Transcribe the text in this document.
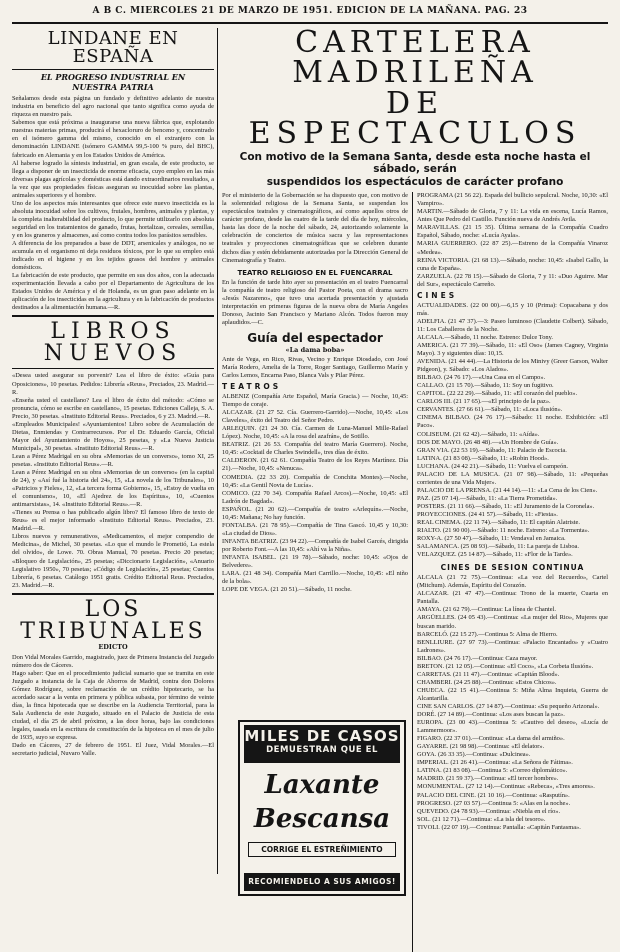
A B C. MIERCOLES 21 DE MARZO DE 1951. EDICION DE LA MAÑANA. PAG. 23
LINDANE EN ESPAÑA
EL PROGRESO INDUSTRIAL EN NUESTRA PATRIA

Señalamos desde esta página un fundado y definitivo adelanto de nuestra industria en beneficio del agro nacional que tanto significa como ayuda de riqueza en nuestro país.
Sabemos que está próxima a inaugurarse una nueva fábrica que, explotando nuestras materias primas, producirá el hexacloruro de benceno y, concentrado en el isómero gamma del mismo, conocido en el extranjero con la denominación LINDANE (isómero GAMMA 99,5-100 % puro, del BHC), fabricado en Alemania y en los Estados Unidos de América.
Al haberse logrado la síntesis industrial, en gran escala, de este producto, se llega a disponer de un insecticida de enorme eficacia, cuyo empleo en las más diversas plagas agrícolas y domésticas está dando extraordinarios resultados, a la vez que sus propiedades físicas aseguran su inocuidad sobre las plantas, animales superiores y el hombre.
Uno de los aspectos más interesantes que ofrece este nuevo insecticida es la absoluta inocuidad sobre los cultivos, frutales, hombres, animales y plantas, y la completa inalterabilidad del producto, lo que permite utilizarlo con absoluta seguridad en los tratamientos de ganado, frutas, hortalizas, cereales, semillas, y en los graneros y almacenes, así como contra todos los parásitos sensibles.
A diferencia de los preparados a base de DDT, arsenicales y análogos, no se acumula en el organismo ni deja residuos tóxicos, por lo que su empleo está indicado en el higiene y en los tejidos grasos del hombre y animales domésticos.
La fabricación de este producto, que permite en sus dos años, con la adecuada experimentación llevada a cabo por el Departamento de Agricultura de los Estados Unidos de América y el de Holanda, es un gran paso adelante en la aplicación de los insecticidas en la agricultura y en la fabricación de productos destinados a la alimentación humana.—R.

LIBROS NUEVOS

«Desea usted asegurar su porvenir? Lea el libro de éxito: «Guía para Oposiciones», 10 pesetas. Pedidos: Librería «Reus», Preciados, 23. Madrid.—R.
«Enseña usted el castellano? Lea el libro de éxito del método: «Cómo se pronuncia, cómo se escribe en castellano», 15 pesetas. Ediciones Calleja, S. A. Precio, 30 pesetas. «Instituto Editorial Reus». Preciados, 6 y 23. Madrid.—R.
«Empleados Municipales! «Ayuntamientos! Libro sobre de Acumulación de Dietas, Enmiendas y Contrarrecursos. Por el Dr. Eduardo García, Oficial Mayor del Ayuntamiento de Hoyos», 25 pesetas, y «La Nueva Justicia Municipal», 30 pesetas. «Instituto Editorial Reus».—R.
Lean a Pérez Madrigal en su obra «Memorias de un converso», tomo XI, 25 pesetas. «Instituto Editorial Reus».—R.
Lean a Pérez Madrigal en su obra «Memorias de un converso» (en la capital de 24), y «Así fué la historia del 24», 15, «La novela de los Tribunales», 10 «Patricios y Fieles», 12, «La tercera forma Gobierno», 15, «Estoy de vuelta en el comunismo», 10, «El Ajedrez de los Espíritus», 10, «Cuentos antimarxistas», 14. «Instituto Editorial Reus».—R.
«Tienes su Prensa o has publicado algún libro? El famoso libro de texto de Reus» es el mejor informado «Instituto Editorial Reus». Preciados, 23. Madrid.—R.
Libros nuevos y remunerativos, «Medicamentos, el mejor compendio de Medicina», de Michel, 30 pesetas. «Lo que el mundo le Prometió, La estela del olvido», de Lowe. 70. Obras Manual, 70 pesetas. Precio 20 pesetas; «Bloqueo de Legislación», 25 pesetas; «Diccionario Legislación», «Anuario Legislativo 1950», 70 pesetas; «Código de Legislación», 25 pesetas; Cuentos Librería, 6 pesetas. Catálogo 1951 gratis. Crédito Editorial Reus. Preciados, 23. Madrid.—R.

LOS TRIBUNALES
EDICTO

Don Vidal Morales Garrido, magistrado, juez de Primera Instancia del Juzgado número dos de Cáceres.
Hago saber: Que en el procedimiento judicial sumario que se tramita en este Juzgado a instancia de la Caja de Ahorros de Madrid, contra don Dolores Gómez Rodríguez, sobre reclamación de un crédito hipotecario, se ha acordado sacar a la venta en primera y pública subasta, por término de veinte días, la finca hipotecada que se describe en la Audiencia Territorial, para la Sala Audiencia de este Juzgado, situado en el Palacio de Justicia de esta ciudad, el día 25 de abril próximo, a las doce horas, bajo las condiciones legales, tasada en la escritura de constitución de la hipoteca en el mes de julio de 1935, suyo se expresa.
Dado en Cáceres, 27 de febrero de 1951. El Juez, Vidal Morales.—El secretario judicial, Nuvaro Valle.

CARTELERA MADRILEÑA
DE ESPECTACULOS
Con motivo de la Semana Santa, desde esta noche hasta el sábado, serán
suspendidos los espectáculos de carácter profano

Por el ministerio de la Gobernación se ha dispuesto que, con motivo de la solemnidad religiosa de la Semana Santa, se suspendan los espectáculos teatrales y cinematográficos, así como aquellos otros de carácter profano, desde las cuatro de la tarde del día de hoy, miércoles, hasta las doce de la noche del sábado, 24, autorizando solamente la celebración de conciertos de música sacra y las representaciones teatrales y proyecciones cinematográficas que se celebren durante dichos días y estén debidamente autorizadas por la Dirección General de Cinematografía y Teatro.

TEATRO RELIGIOSO EN EL FUENCARRAL

En la función de tarde hito ayer su presentación en el teatro Fuencarral la compañía de teatro religioso del Pastor Poeta, con el drama sacro «Jesús Nazareno», que tuvo una acertada presentación y ajustada interpretación en primeras figuras de la nueva obra de María Angeles Donoso, Jacinto San Francisco y Mariano Alcón. Todos fueron muy aplaudidos.—C.

Guía del espectador
«La dama boba»

Ante de Vega, en Rico, Rivas, Vecino y Enrique Diosdado, con José María Rodero, Amelia de la Torre, Roger Santiago, Guillermo Marín y Carlos Lemos, Encarna Paso, Blanca Vals y Pilar Pérez.

TEATROS

ALBENIZ (Compañía Arte Español, María Gracia.) — Noche, 10,45: Tiempo de coraje.
ALCAZAR. (21 27 52. Cía. Guerrero-Garrido).—Noche, 10,45: «Los Claveles», éxito del Teatro del Señor Pedro.
ARLEQUIN. (21 24 30. Cía. Carmen de Luna-Manuel Mille-Rafael López). Noche, 10,45: «A la rosa del azafrán», de Sotillo.
BEATRIZ. (21 26 53. Compañía del teatro María Guerrero). Noche, 10,45: «Cocktail de Charles Swindell», tres días de éxito.
CALDERON. (21 62 61. Compañía Teatro de los Reyes Martínez. Día 21).—Noche, 10,45: «Nenuca».
COMEDIA. (22 33 20). Compañía de Conchita Montes).—Noche, 10,45: «La Gentil Novia de Lucía».
COMICO. (22 70 34). Compañía Rafael Arcos).—Noche, 10,45: «El Ladrón de Bagdad».
ESPAÑOL. (21 20 62).—Compañía de teatro «Arlequín».—Noche, 10,45: Mañana; No hay función.
FONTALBA. (21 78 95).—Compañía de Tina Gascó. 10,45 y 10,30: «La ciudad de Dios».
INFANTA BEATRIZ. (23 94 22).—Compañía de Isabel Garcés, dirigida por Roberto Font.—A las 10,45: «Ahí va la Niña».
INFANTA ISABEL. (21 19 78).—Sábado, noche: 10,45: «Ojos de Belvedere».
LARA. (21 48 34). Compañía Mari Carrillo.—Noche, 10,45: «El niño de la bola».
LOPE DE VEGA. (21 20 51).—Sábado, 11 noche.

PROGRAMA (21 56 22). Espada del bullicio sepulcral. Noche, 10,30: «El Vampiro».
MARTIN.—Sábado de Gloria, 7 y 11: La vida en escena, Lucía Ramos, Antes Que Pedro del Castillo. Función nueva de Andrés Avila.
MARAVILLAS. (21 15 35). Última semana de la Compañía Cuadro Español, Sábado, noche: «Lucía Ayala».
MARIA GUERRERO. (22 87 25).—Estreno de la Compañía Vinaroz «Medea».
REINA VICTORIA. (21 68 13).—Sábado, noche: 10,45: «Isabel Gallo, la cuna de España».
ZARZUELA. (22 78 15).—Sábado de Gloria, 7 y 11: «Duo Aguirre. Mar del Sur», espectáculo Carreño.

CINES

ACTUALIDADES. (22 00 00).—6,15 y 10 (Prima): Copacabana y dos más.
ADELFIA. (21 47 37).—3: Paseo luminoso (Claudette Colbert). Sábado, 11: Los Caballeros de la Noche.
ALCALA.—Sábado, 11 noche. Estreno: Dulce Tony.
AMERICA. (21 77 39).—Sábado, 11: «El Oso» (James Cagney, Virginia Mayo). 3 y siguientes días: 10,15.
AVENIDA. (21 44 44).—La Historia de los Minivy (Greer Garson, Walter Pidgeon), y. Sábado: «Los Alados».
BILBAO. (24 76 17).—«Una Casa en el Campo».
CALLAO. (21 15 70).—Sábado, 11: Soy un fugitivo.
CAPITOL. (22 22 29).—Sábado, 11: «El corazón del pueblo».
CARLOS III. (21 17 65).—«El principio de la paz».
CERVANTES. (27 66 61).—Sábado, 11: «Loca ilusión».
CINEMA BILBAO. (24 76 17).—Sábado: 11 noche. Exhibición: «El Paco».
COLISEUM. (21 62 42).—Sábado, 11: «Aída».
DOS DE MAYO. (26 48 48).—«Un Hombre de Guía».
GRAN VIA. (22 53 19).—Sábado, 11: Palacio de Escocia.
LATINA. (21 83 08).—Sábado, 11: «Robin Hood».
LUCHANA. (24 42 21).—Sábado, 11: Vuelva el campeón.
PALACIO DE LA MUSICA. (21 07 98).—Sábado, 11: «Pequeñas corrientes de una Vida Mujer».
PALACIO DE LA PRENSA. (21 44 14).—11: «La Cena de los Cien».
PAZ. (25 07 14).—Sábado, 11: «La Tierra Prometida».
POSTERS. (21 11 66).—Sábado, 11: «El Juramento de la Coronela».
PROYECCIONES. (24 41 57).—Sábado, 11: «Fiesta».
REAL CINEMA. (22 11 74).—Sábado, 11: El capitán Alatriste.
RIALTO. (21 90 00).—Sábado: 11 noche. Estreno: «La Tormenta».
ROXY-A. (27 50 47).—Sábado, 11: Vendaval en Jamaica.
SALAMANCA. (25 08 93).—Sábado, 11: La pareja de Lisboa.
VELAZQUEZ. (25 14 87).—Sábado, 11: «Flor de la Tarde».

CINES DE SESION CONTINUA

ALCALA (21 72 75).—Continua: «La voz del Recuerdo», Cartel (Mitchum). Además, Espíritu del Corazón.
ALCAZAR. (21 47 47).—Continua: Trono de la muerte, Cuarta en Pantalla.
AMAYA. (21 62 79).—Continua: La línea de Chantel.
ARGÜELLES. (24 05 43).—Continua: «La mujer del Rio», Mujeres que buscan marido.
BARCELÓ. (22 15 27).—Continua 5: Alma de Hierro.
BENLLIURE. (27 97 73).—Continua: «Palacio Encantado» y «Cuatro Ladrones».
BILBAO. (24 76 17).—Continua: Caza mayor.
BRETON. (21 12 05).—Continua: «El Coco», «La Corbeta Ilusión».
CARRETAS. (21 11 47).—Continua: «Capitán Blood».
CHAMBERI. (24 25 88).—Continua: «Estos Chicos».
CHUECA. (22 15 41).—Continua 5: Miña Alma Inquieta, Guerra de Alcantarilla.
CINE SAN CARLOS. (27 14 87).—Continua: «Su pequeño Arizonal».
DORÉ. (27 14 89).—Continua: «Los ases buscan la paz».
EUROPA. (23 00 43).—Continua 5: «Cautivo del deseo», «Lucía de Lammermoor».
FIGARO. (22 37 01).—Continua: «La dama del armiño».
GAYARRE. (21 98 98).—Continua: «El delator».
GOYA. (26 33 35).—Continua: «Dulcinea».
IMPERIAL. (21 26 41).—Continua: «La Señora de Fátima».
LATINA. (21 83 08).—Continua 5: «Correo diplomático».
MADRID. (21 59 37).—Continua: «El tercer hombre».
MONUMENTAL. (27 12 14).—Continua: «Rebeca», «Tres amores».
PALACIO DEL CINE. (21 10 16).—Continua: «Rasputín».
PROGRESO. (27 03 57).—Continua 5: «Alas en la noche».
QUEVEDO. (24 78 93).—Continua: «Niebla en el río».
SOL. (21 12 71).—Continua: «La isla del tesoro».
TIVOLI. (22 07 19).—Continua: Pantalla: «Capitán Fantasma».

MILES DE CASOS
DEMUESTRAN QUE EL
Laxante
Bescansa
CORRIGE EL ESTREÑIMIENTO
RECOMIENDELO A SUS AMIGOS!
